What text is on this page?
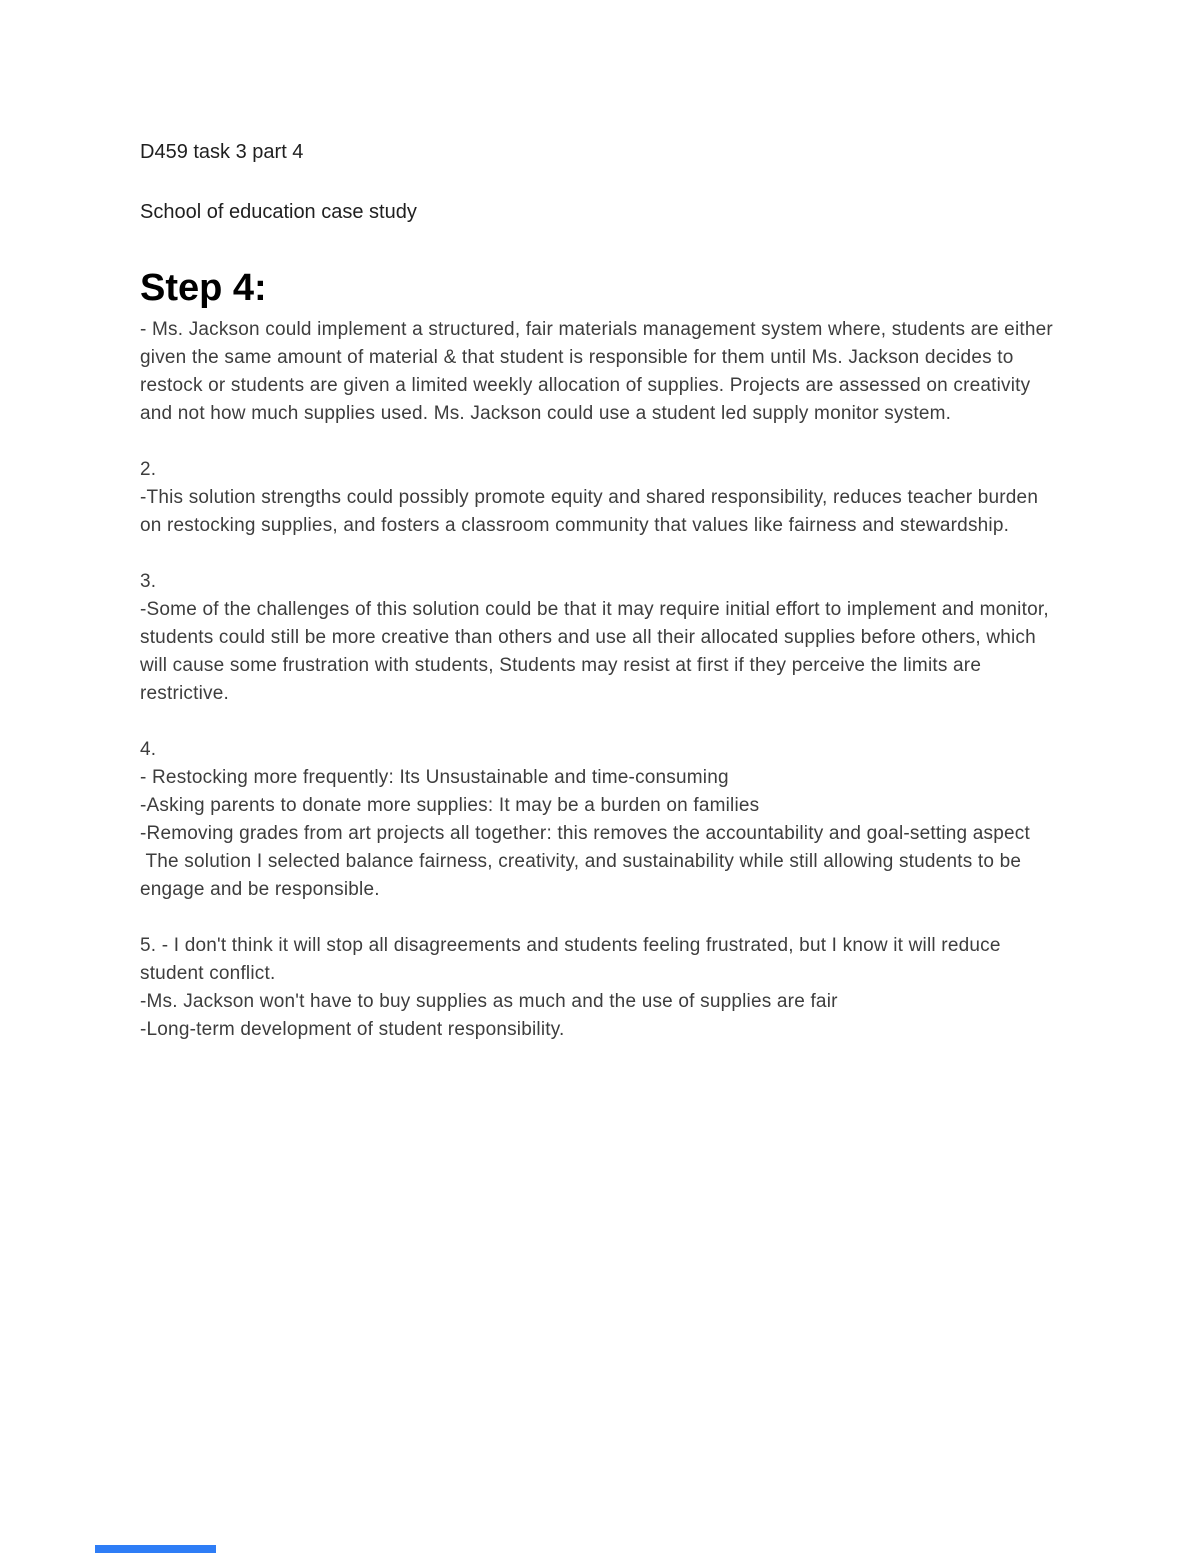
D459 task 3 part 4

School of education case study

Step 4:

- Ms. Jackson could implement a structured, fair materials management system where, students are either given the same amount of material & that student is responsible for them until Ms. Jackson decides to restock or students are given a limited weekly allocation of supplies. Projects are assessed on creativity and not how much supplies used. Ms. Jackson could use a student led supply monitor system.

2.

-This solution strengths could possibly promote equity and shared responsibility, reduces teacher burden on restocking supplies, and fosters a classroom community that values like fairness and stewardship.

3.

-Some of the challenges of this solution could be that it may require initial effort to implement and monitor, students could still be more creative than others and use all their allocated supplies before others, which will cause some frustration with students, Students may resist at first if they perceive the limits are restrictive.

4.

- Restocking more frequently: Its Unsustainable and time-consuming

-Asking parents to donate more supplies: It may be a burden on families

-Removing grades from art projects all together: this removes the accountability and goal-setting aspect

The solution I selected balance fairness, creativity, and sustainability while still allowing students to be engage and be responsible.

5. - I don't think it will stop all disagreements and students feeling frustrated, but I know it will reduce student conflict.

-Ms. Jackson won't have to buy supplies as much and the use of supplies are fair

-Long-term development of student responsibility.
